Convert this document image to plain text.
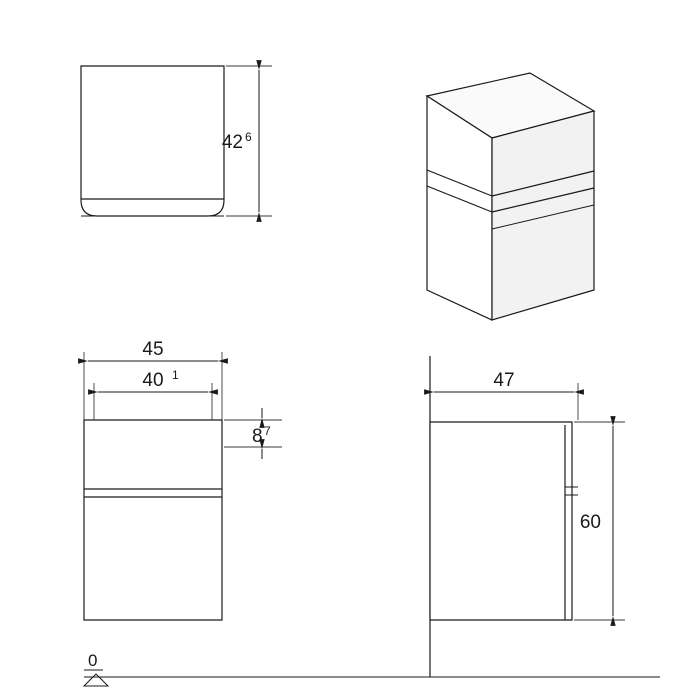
42 6
45
40 1
8 7
0
47
60
